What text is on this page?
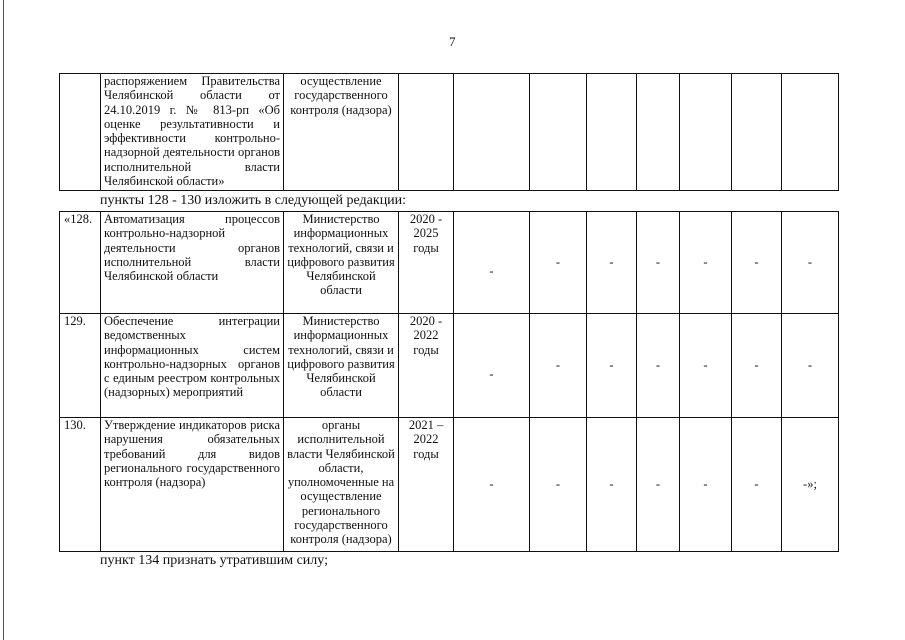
7
	распоряжением Правительства Челябинской области от 24.10.2019 г. № 813-рп «Об оценке результативности и эффективности контрольно-надзорной деятельности органов исполнительной власти Челябинской области»	осуществление государственного контроля (надзора)								
пункты 128 - 130 изложить в следующей редакции:
«128.	Автоматизация процессов контрольно-надзорной деятельности органов исполнительной власти Челябинской области	Министерство информационных технологий, связи и цифрового развития Челябинской области	2020 - 2025 годы	-	-	-	-	-	-	-
129.	Обеспечение интеграции ведомственных информационных систем контрольно-надзорных органов с единым реестром контрольных (надзорных) мероприятий	Министерство информационных технологий, связи и цифрового развития Челябинской области	2020 - 2022 годы	-	-	-	-	-	-	-
130.	Утверждение индикаторов риска нарушения обязательных требований для видов регионального государственного контроля (надзора)	органы исполнительной власти Челябинской области, уполномоченные на осуществление регионального государственного контроля (надзора)	2021 – 2022 годы	-	-	-	-	-	-	-»;
пункт 134 признать утратившим силу;
